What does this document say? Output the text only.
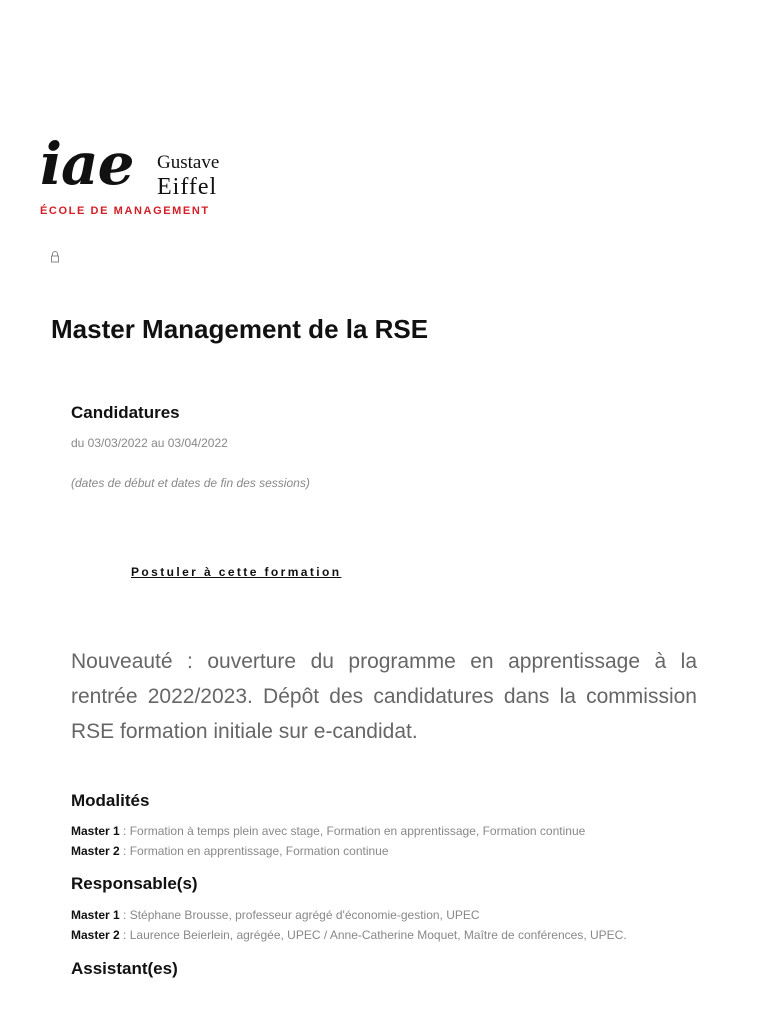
iae Gustave
Eiffel
ÉCOLE DE MANAGEMENT
Master Management de la RSE
Candidatures
du 03/03/2022 au 03/04/2022
(dates de début et dates de fin des sessions)
Postuler à cette formation

Nouveauté : ouverture du programme en apprentissage à la rentrée 2022/2023. Dépôt des candidatures dans la commission RSE formation initiale sur e-candidat.

Modalités
Master 1 : Formation à temps plein avec stage, Formation en apprentissage, Formation continue
Master 2 : Formation en apprentissage, Formation continue
Responsable(s)
Master 1 : Stéphane Brousse, professeur agrégé d'économie-gestion, UPEC
Master 2 : Laurence Beierlein, agrégée, UPEC / Anne-Catherine Moquet, Maître de conférences, UPEC.
Assistant(es)
